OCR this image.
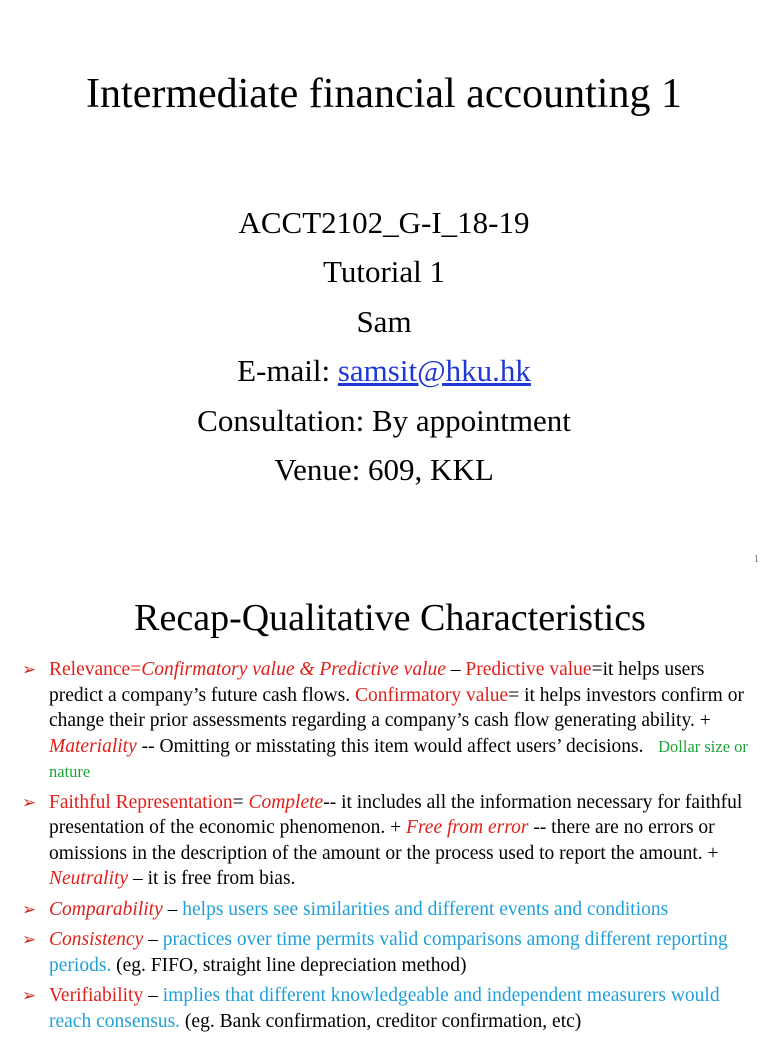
Intermediate financial accounting 1
ACCT2102_G-I_18-19
Tutorial 1
Sam
E-mail: samsit@hku.hk
Consultation: By appointment
Venue: 609, KKL
1
Recap-Qualitative Characteristics
➢ Relevance=Confirmatory value & Predictive value – Predictive value=it helps users predict a company’s future cash flows. Confirmatory value= it helps investors confirm or change their prior assessments regarding a company’s cash flow generating ability. + Materiality -- Omitting or misstating this item would affect users’ decisions. Dollar size or nature
➢ Faithful Representation= Complete-- it includes all the information necessary for faithful presentation of the economic phenomenon. + Free from error -- there are no errors or omissions in the description of the amount or the process used to report the amount. + Neutrality – it is free from bias.
➢ Comparability – helps users see similarities and different events and conditions
➢ Consistency – practices over time permits valid comparisons among different reporting periods. (eg. FIFO, straight line depreciation method)
➢ Verifiability – implies that different knowledgeable and independent measurers would reach consensus. (eg. Bank confirmation, creditor confirmation, etc)
